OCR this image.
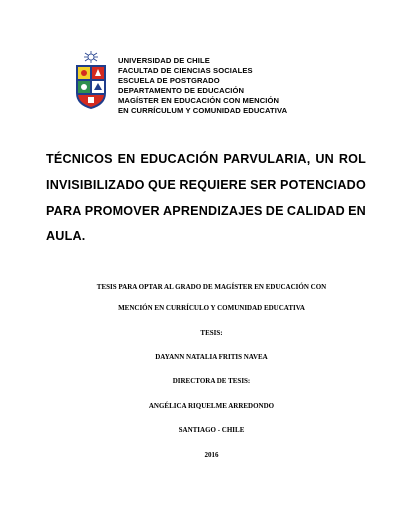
UNIVERSIDAD DE CHILE
FACULTAD DE CIENCIAS SOCIALES
ESCUELA DE POSTGRADO
DEPARTAMENTO DE EDUCACIÓN
MAGÍSTER EN EDUCACIÓN CON MENCIÓN
EN CURRÍCULUM Y COMUNIDAD EDUCATIVA
TÉCNICOS EN EDUCACIÓN PARVULARIA, UN ROL
INVISIBILIZADO QUE REQUIERE SER POTENCIADO
PARA PROMOVER APRENDIZAJES DE CALIDAD EN
AULA.
TESIS PARA OPTAR AL GRADO DE MAGÍSTER EN EDUCACIÓN CON
MENCIÓN EN CURRÍCULO Y COMUNIDAD EDUCATIVA
TESIS:
DAYANN NATALIA FRITIS NAVEA
DIRECTORA DE TESIS:
ANGÉLICA RIQUELME ARREDONDO
SANTIAGO - CHILE
2016
